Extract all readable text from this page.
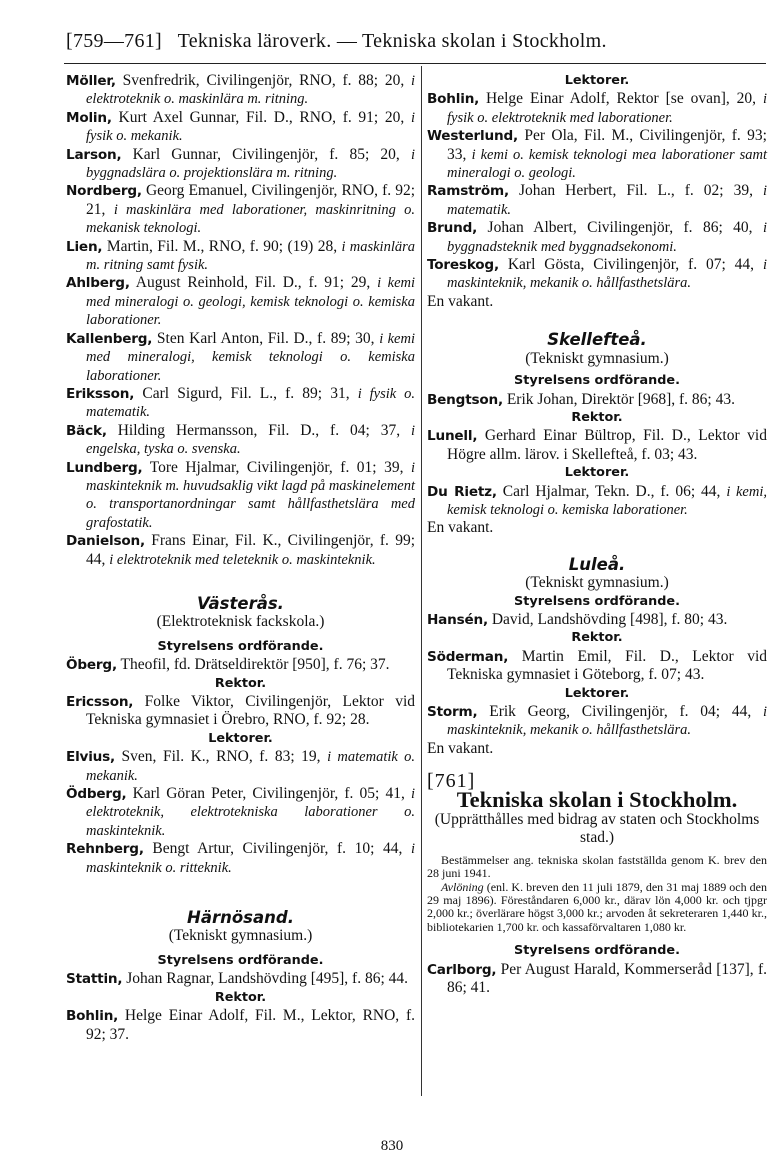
[759—761] Tekniska läroverk. — Tekniska skolan i Stockholm.

Möller, Svenfredrik, Civilingenjör, RNO, f. 88; 20, i elektroteknik o. maskinlära m. ritning.

Molin, Kurt Axel Gunnar, Fil. D., RNO, f. 91; 20, i fysik o. mekanik.

Larson, Karl Gunnar, Civilingenjör, f. 85; 20, i byggnadslära o. projektionslära m. ritning.

Nordberg, Georg Emanuel, Civilingenjör, RNO, f. 92; 21, i maskinlära med laborationer, maskinritning o. mekanisk teknologi.

Lien, Martin, Fil. M., RNO, f. 90; (19) 28, i maskinlära m. ritning samt fysik.

Ahlberg, August Reinhold, Fil. D., f. 91; 29, i kemi med mineralogi o. geologi, kemisk teknologi o. kemiska laborationer.

Kallenberg, Sten Karl Anton, Fil. D., f. 89; 30, i kemi med mineralogi, kemisk teknologi o. kemiska laborationer.

Eriksson, Carl Sigurd, Fil. L., f. 89; 31, i fysik o. matematik.

Bäck, Hilding Hermansson, Fil. D., f. 04; 37, i engelska, tyska o. svenska.

Lundberg, Tore Hjalmar, Civilingenjör, f. 01; 39, i maskinteknik m. huvudsaklig vikt lagd på maskinelement o. transportanordningar samt hållfasthetslära med grafostatik.

Danielson, Frans Einar, Fil. K., Civilingenjör, f. 99; 44, i elektroteknik med teleteknik o. maskinteknik.

Västerås.

(Elektroteknisk fackskola.)

Styrelsens ordförande.

Öberg, Theofil, fd. Drätseldirektör [950], f. 76; 37.

Rektor.

Ericsson, Folke Viktor, Civilingenjör, Lektor vid Tekniska gymnasiet i Örebro, RNO, f. 92; 28.

Lektorer.

Elvius, Sven, Fil. K., RNO, f. 83; 19, i matematik o. mekanik.

Ödberg, Karl Göran Peter, Civilingenjör, f. 05; 41, i elektroteknik, elektrotekniska laborationer o. maskinteknik.

Rehnberg, Bengt Artur, Civilingenjör, f. 10; 44, i maskinteknik o. ritteknik.

Härnösand.

(Tekniskt gymnasium.)

Styrelsens ordförande.

Stattin, Johan Ragnar, Landshövding [495], f. 86; 44.

Rektor.

Bohlin, Helge Einar Adolf, Fil. M., Lektor, RNO, f. 92; 37.

Lektorer.

Bohlin, Helge Einar Adolf, Rektor [se ovan], 20, i fysik o. elektroteknik med laborationer.

Westerlund, Per Ola, Fil. M., Civilingenjör, f. 93; 33, i kemi o. kemisk teknologi mea laborationer samt mineralogi o. geologi.

Ramström, Johan Herbert, Fil. L., f. 02; 39, i matematik.

Brund, Johan Albert, Civilingenjör, f. 86; 40, i byggnadsteknik med byggnadsekonomi.

Toreskog, Karl Gösta, Civilingenjör, f. 07; 44, i maskinteknik, mekanik o. hållfasthetslära.

En vakant.

Skellefteå.

(Tekniskt gymnasium.)

Styrelsens ordförande.

Bengtson, Erik Johan, Direktör [968], f. 86; 43.

Rektor.

Lunell, Gerhard Einar Bültrop, Fil. D., Lektor vid Högre allm. lärov. i Skellefteå, f. 03; 43.

Lektorer.

Du Rietz, Carl Hjalmar, Tekn. D., f. 06; 44, i kemi, kemisk teknologi o. kemiska laborationer.

En vakant.

Luleå.

(Tekniskt gymnasium.)

Styrelsens ordförande.

Hansén, David, Landshövding [498], f. 80; 43.

Rektor.

Söderman, Martin Emil, Fil. D., Lektor vid Tekniska gymnasiet i Göteborg, f. 07; 43.

Lektorer.

Storm, Erik Georg, Civilingenjör, f. 04; 44, i maskinteknik, mekanik o. hållfasthetslära.

En vakant.

[761]

Tekniska skolan i Stockholm.

(Upprätthålles med bidrag av staten och Stockholms stad.)

Bestämmelser ang. tekniska skolan fastställda genom K. brev den 28 juni 1941.

Avlöning (enl. K. breven den 11 juli 1879, den 31 maj 1889 och den 29 maj 1896). Föreståndaren 6,000 kr., därav lön 4,000 kr. och tjpgr 2,000 kr.; överlärare högst 3,000 kr.; arvoden åt sekreteraren 1,440 kr., bibliotekarien 1,700 kr. och kassaförvaltaren 1,080 kr.

Styrelsens ordförande.

Carlborg, Per August Harald, Kommerseråd [137], f. 86; 41.

830
